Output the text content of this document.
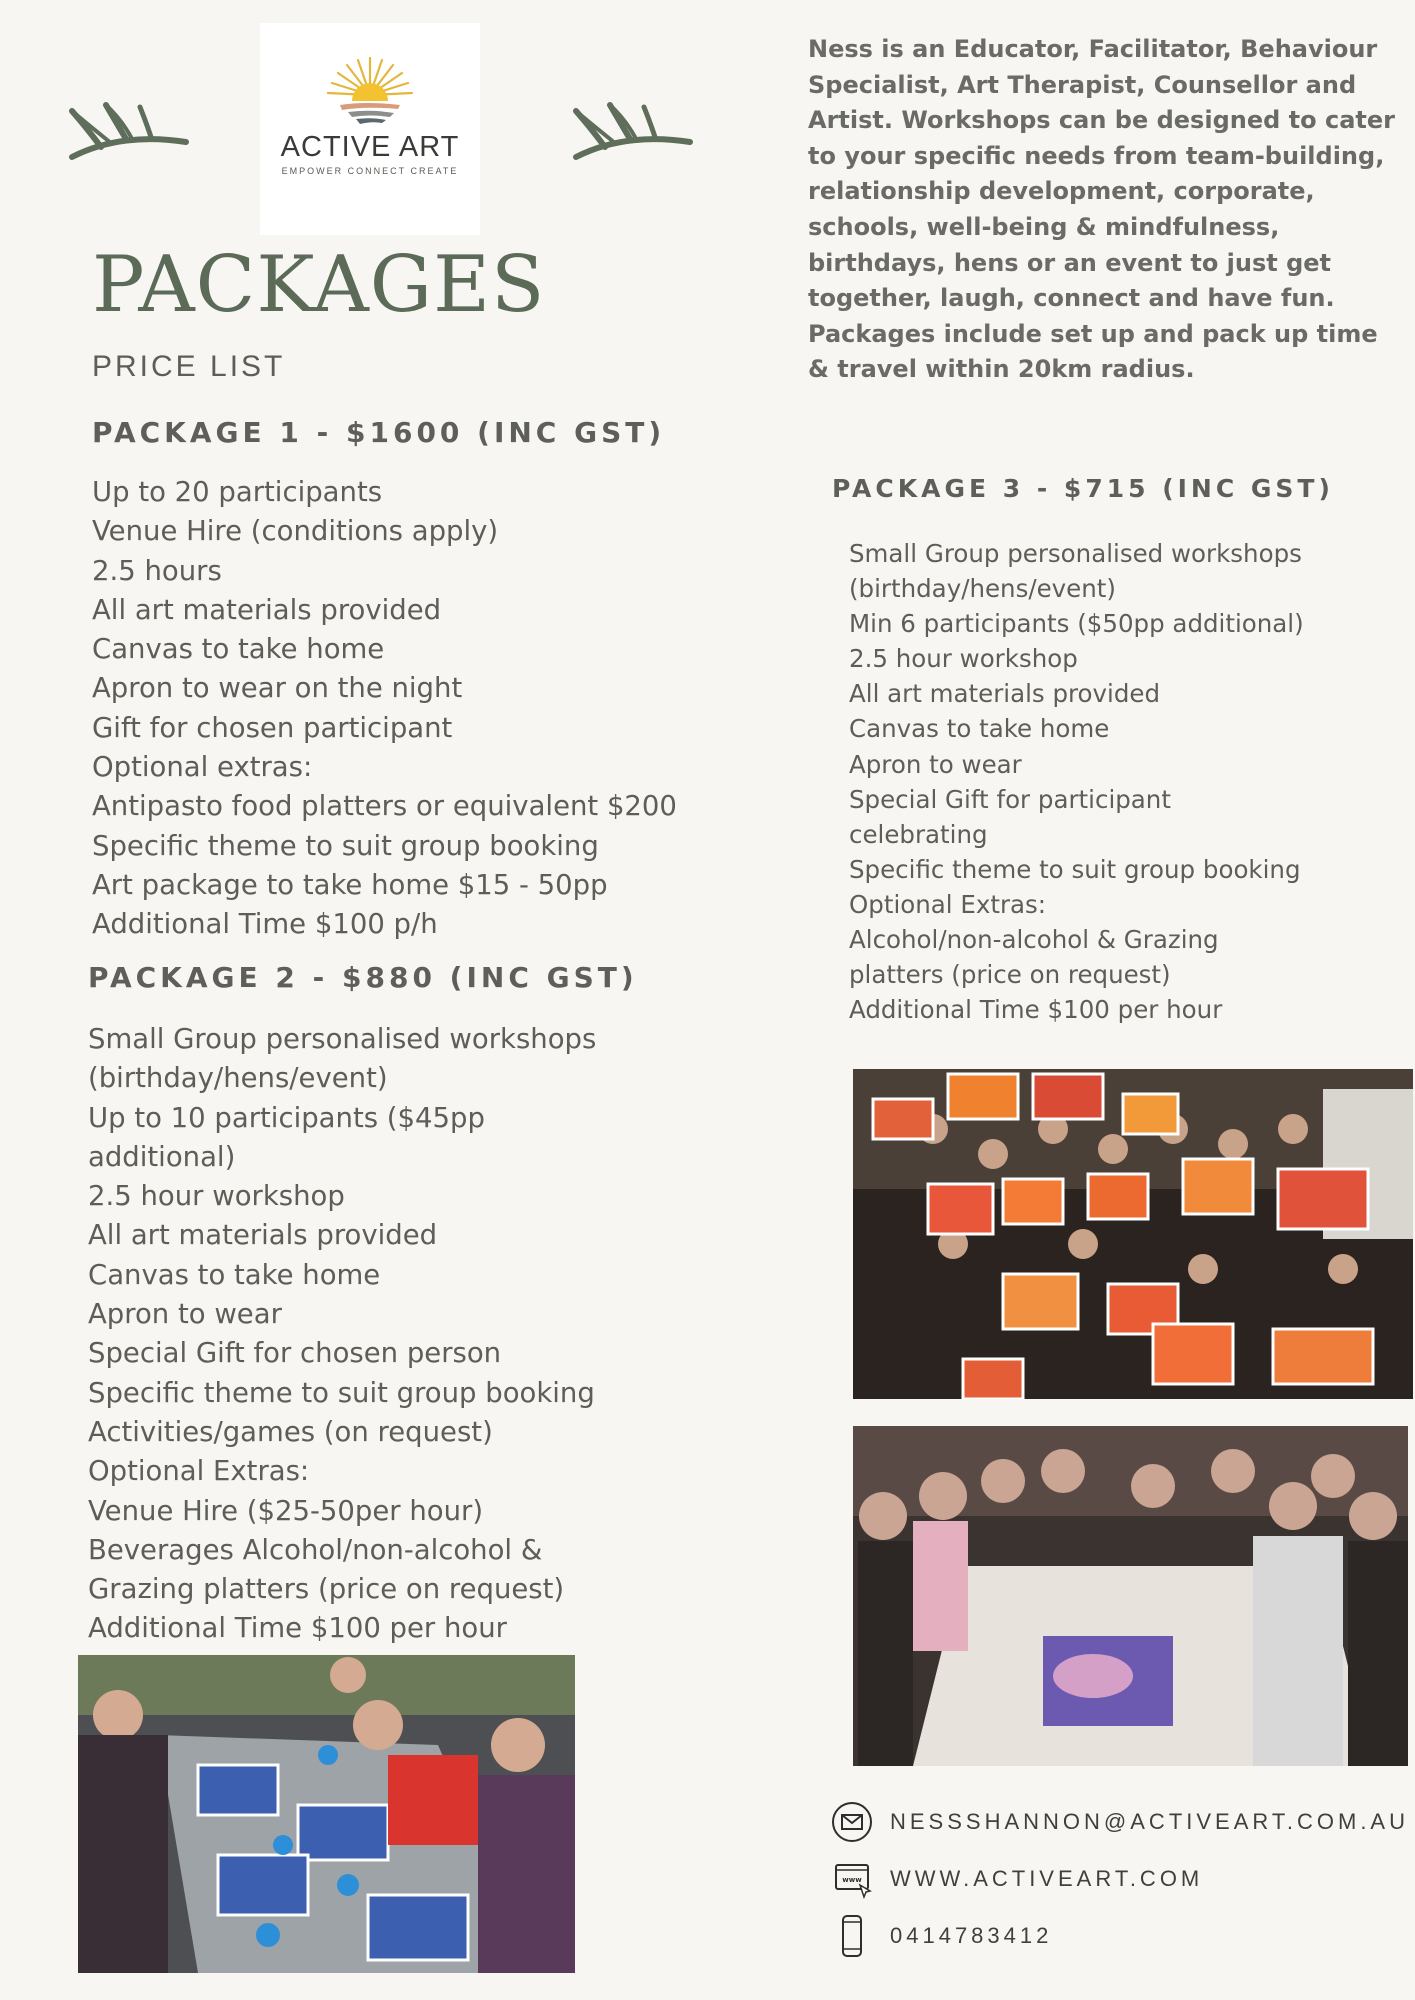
ACTIVE ART
EMPOWER CONNECT CREATE
PACKAGES
PRICE LIST
PACKAGE 1 - $1600 (INC GST)
Up to 20 participants
Venue Hire (conditions apply)
2.5 hours
All art materials provided
Canvas to take home
Apron to wear on the night
Gift for chosen participant
Optional extras:
Antipasto food platters or equivalent $200
Specific theme to suit group booking
Art package to take home $15 - 50pp
Additional Time $100 p/h
PACKAGE 2 - $880 (INC GST)
Small Group personalised workshops
(birthday/hens/event)
Up to 10 participants ($45pp
additional)
2.5 hour workshop
All art materials provided
Canvas to take home
Apron to wear
Special Gift for chosen person
Specific theme to suit group booking
Activities/games (on request)
Optional Extras:
Venue Hire ($25-50per hour)
Beverages Alcohol/non-alcohol &
Grazing platters (price on request)
Additional Time $100 per hour

Ness is an Educator, Facilitator, Behaviour Specialist, Art Therapist, Counsellor and Artist. Workshops can be designed to cater to your specific needs from team-building, relationship development, corporate, schools, well-being & mindfulness, birthdays, hens or an event to just get together, laugh, connect and have fun.

Packages include set up and pack up time & travel within 20km radius.

PACKAGE 3 - $715 (INC GST)
Small Group personalised workshops
(birthday/hens/event)
Min 6 participants ($50pp additional)
2.5 hour workshop
All art materials provided
Canvas to take home
Apron to wear
Special Gift for participant
celebrating
Specific theme to suit group booking
Optional Extras:
Alcohol/non-alcohol & Grazing
platters (price on request)
Additional Time $100 per hour
NESSSHANNON@ACTIVEART.COM.AU
www WWW.ACTIVEART.COM
0414783412
